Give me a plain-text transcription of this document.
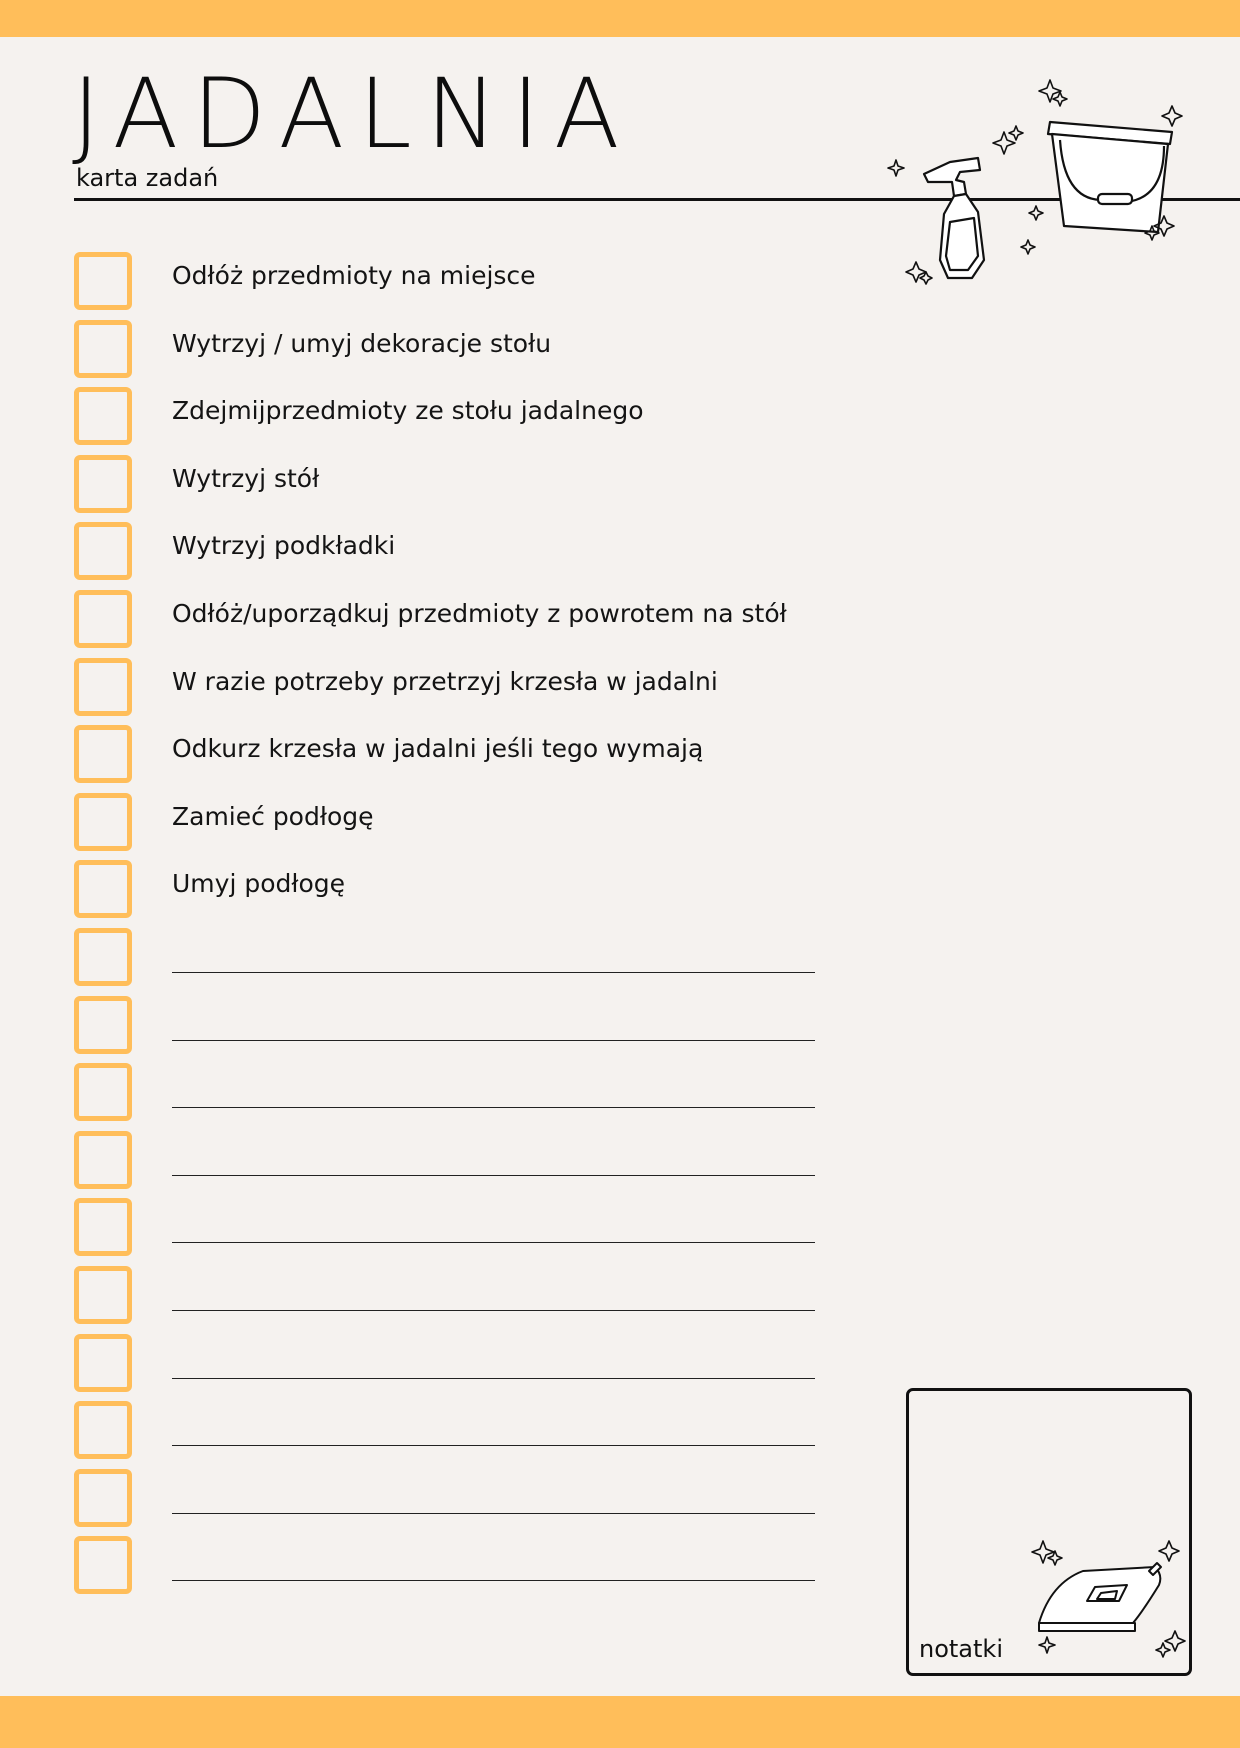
JADALNIA
karta zadań
Odłóż przedmioty na miejsce
Wytrzyj / umyj dekoracje stołu
Zdejmijprzedmioty ze stołu jadalnego
Wytrzyj stół
Wytrzyj podkładki
Odłóż/uporządkuj przedmioty z powrotem na stół
W razie potrzeby przetrzyj krzesła w jadalni
Odkurz krzesła w jadalni jeśli tego wymają
Zamieć podłogę
Umyj podłogę
notatki
